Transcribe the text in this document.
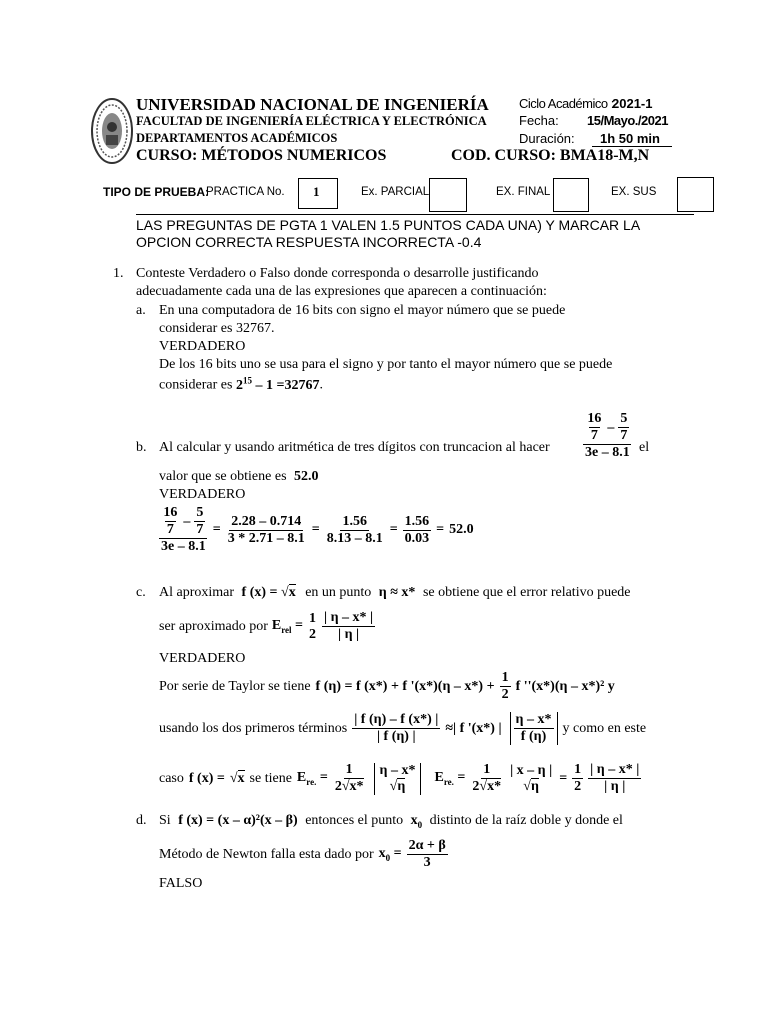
UNIVERSIDAD NACIONAL DE INGENIERÍA
FACULTAD DE INGENIERÍA ELÉCTRICA Y ELECTRÓNICA
DEPARTAMENTOS ACADÉMICOS
CURSO: MÉTODOS NUMERICOS	COD. CURSO: BMA18-M,N
Ciclo Académico :
2021-1
Fecha: 15/Mayo./2021
Duración: 1h 50 min
TIPO DE PRUEBA:
PRACTICA No. 1	Ex. PARCIAL	EX. FINAL	EX. SUS
LAS PREGUNTAS DE PGTA 1 VALEN 1.5 PUNTOS CADA UNA) Y MARCAR LA
OPCION CORRECTA RESPUESTA INCORRECTA -0.4
1. Conteste Verdadero o Falso donde corresponda o desarrolle justificando
adecuadamente cada una de las expresiones que aparecen a continuación:
a. En una computadora de 16 bits con signo el mayor número que se puede
considerar es 32767.
VERDADERO
De los 16 bits uno se usa para el signo y por tanto el mayor número que se puede
considerar es $2^{15} - 1 =32767$.
b. Al calcular y usando aritmética de tres dígitos con truncacion al hacer $\frac{\frac{16}{7} - \frac{5}{7}}{3e - 8.1}$ el
valor que se obtiene es 52.0
VERDADERO
$\frac{\frac{16}{7} - \frac{5}{7}}{3e - 8.1} = \frac{2.28 - 0.714}{3 * 2.71 - 8.1} = \frac{1.56}{8.13 - 8.1} = \frac{1.56}{0.03} = 52.0$
c. Al aproximar f (x) = √x en un punto η ≈ x* se obtiene que el error relativo puede
ser aproximado por $E_{rel}$ =
1
$2 \frac{| \eta - x* |}{| \eta |}$
VERDADERO
Por serie de Taylor se tiene f (η) = f (x*) + f '$(x*)(\eta - x*) + \frac{1}{2}$ f ''(x*)(η – x*)² y
usando los dos primeros términos $\frac{| f (\eta) - f (x*) |}{| f (\eta) |}$ ≈| f '(x*) | $\frac{\eta - x*}{f (\eta)}$ y como en este
caso f (x) = √x se tiene $E_{re.} = \frac{1}{2√x*}$ η – x*
√η
$E_{re.} = \frac{1}{2√x*}$ | x – η |
√η
= $\frac{1}{2} \frac{| \eta - x* |}{| \eta |}$
d. Si f (x) = (x – α)²(x – β) entonces el punto $x_0$ distinto de la raíz doble y donde el
Método de Newton falla esta dado por $x_0 = \frac{2\alpha + \beta}{3}$
FALSO
